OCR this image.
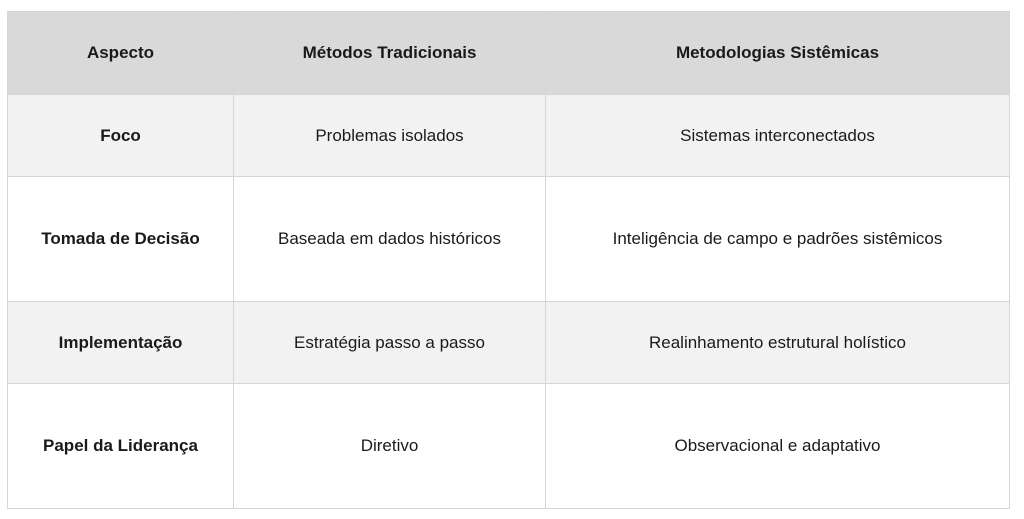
Aspecto	Métodos Tradicionais	Metodologias Sistêmicas
Foco	Problemas isolados	Sistemas interconectados
Tomada de Decisão	Baseada em dados históricos	Inteligência de campo e padrões sistêmicos
Implementação	Estratégia passo a passo	Realinhamento estrutural holístico
Papel da Liderança	Diretivo	Observacional e adaptativo
